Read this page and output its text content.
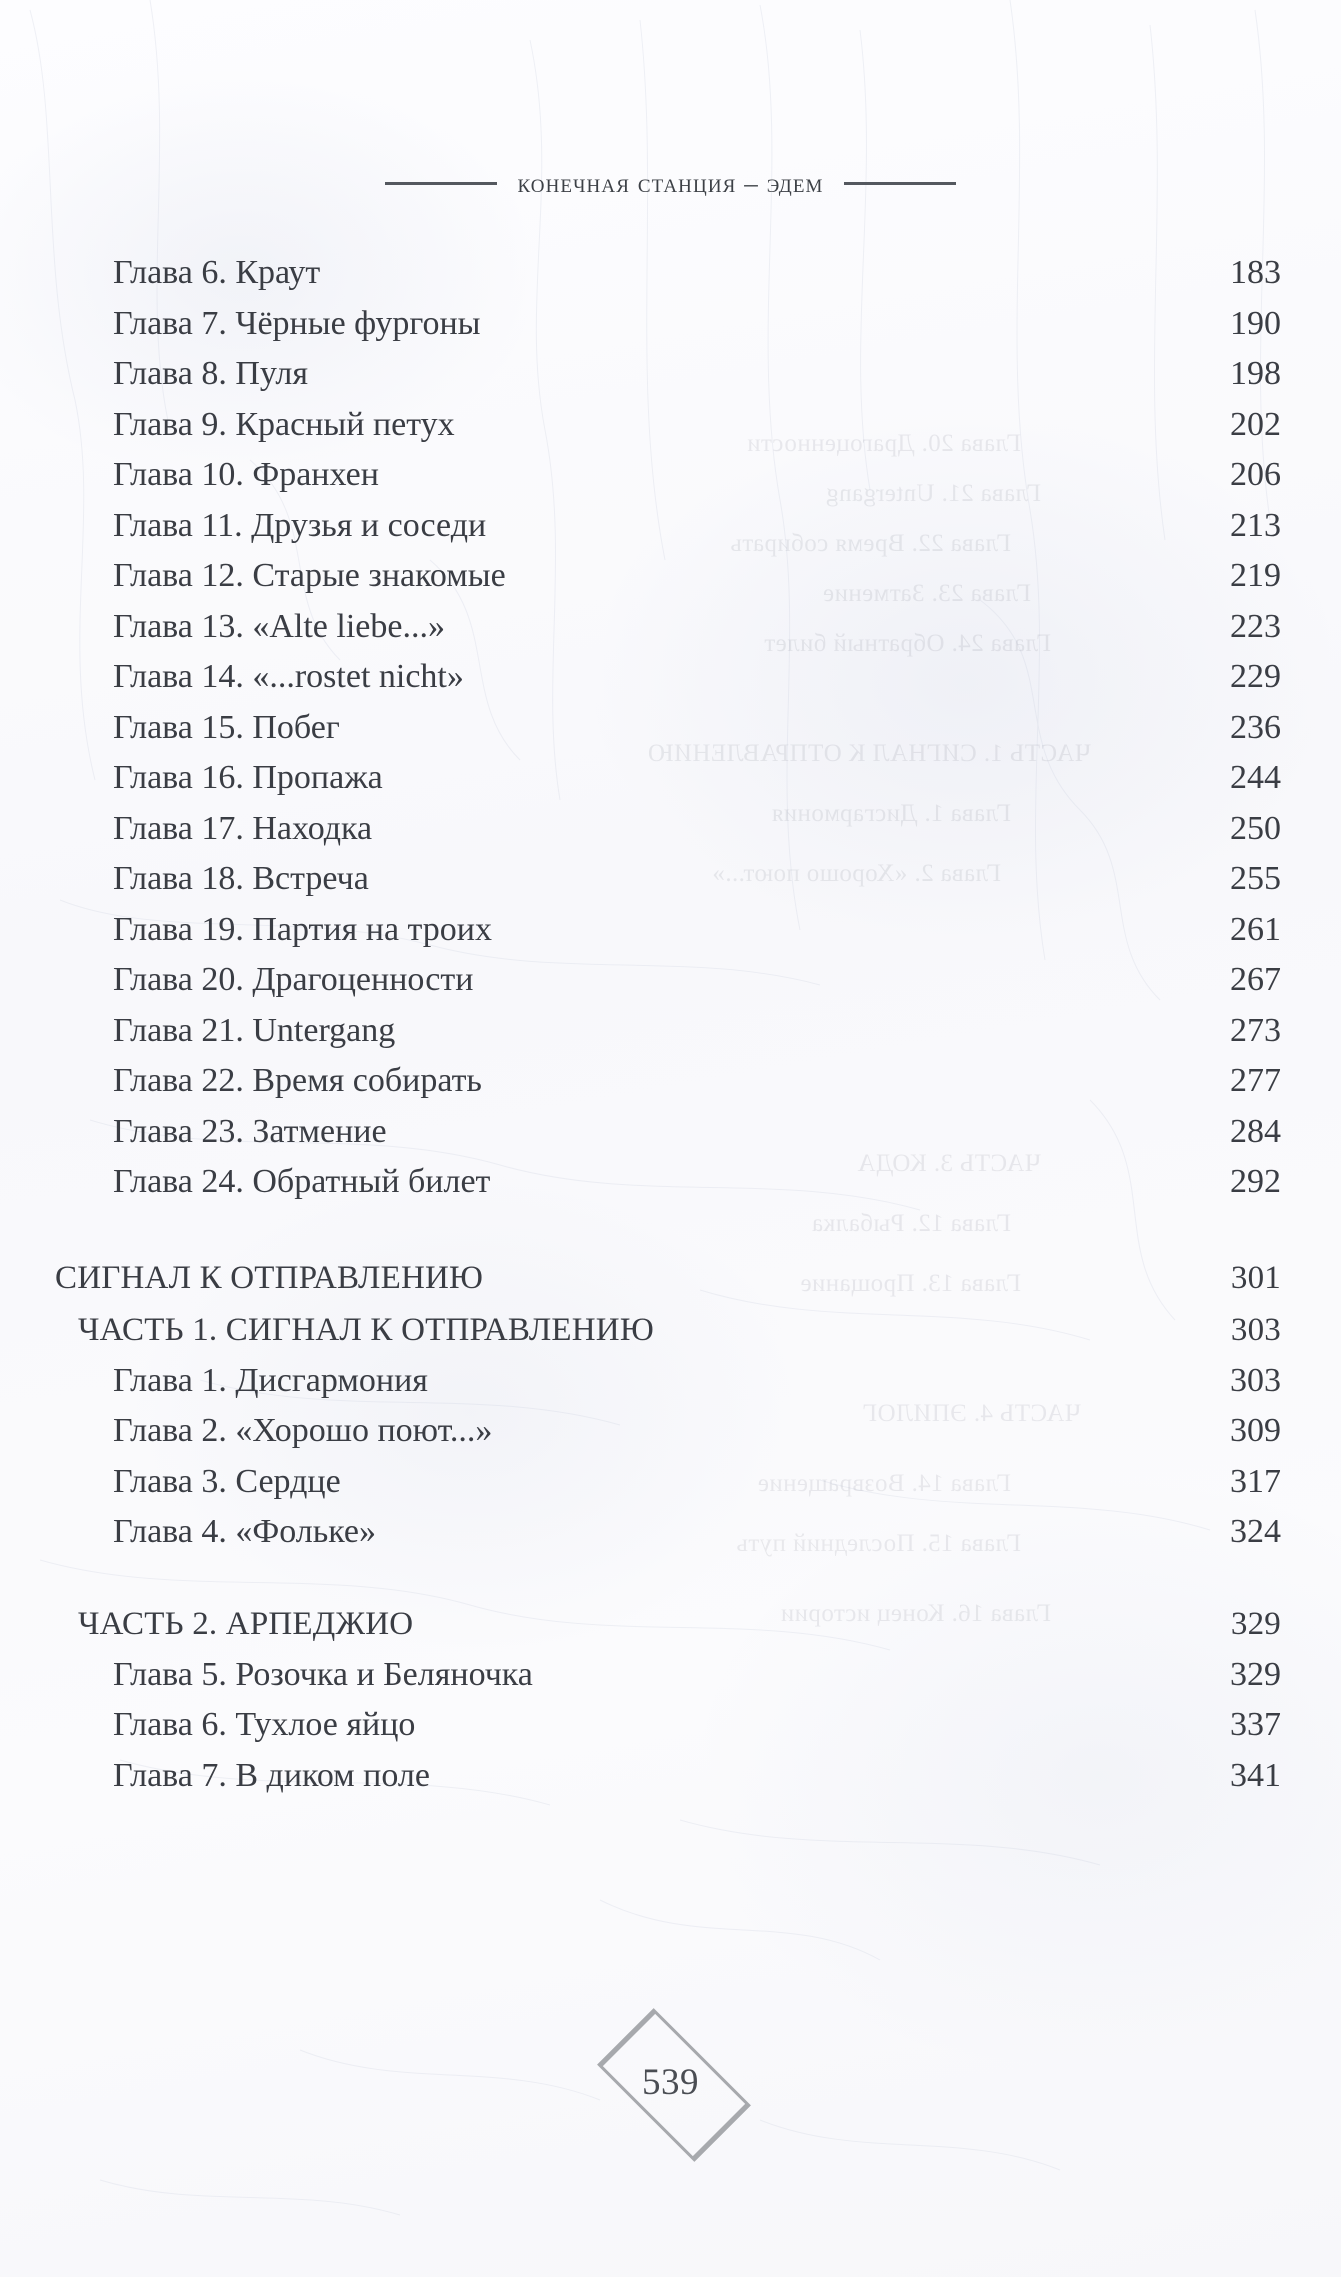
Глава 20. Драгоценности
Глава 21. Untergang
Глава 22. Время собирать
Глава 23. Затмение
Глава 24. Обратный билет
ЧАСТЬ 1. СИГНАЛ К ОТПРАВЛЕНИЮ
Глава 1. Дисгармония
Глава 2. «Хорошо поют...»
ЧАСТЬ 3. КОДА
Глава 12. Рыбалка
Глава 13. Прощание
ЧАСТЬ 4. ЭПИЛОГ
Глава 14. Возвращение
Глава 15. Последний путь
Глава 16. Конец истории
конечная станция – эдем
Глава 6. Краут	183
Глава 7. Чёрные фургоны	190
Глава 8. Пуля	198
Глава 9. Красный петух	202
Глава 10. Франхен	206
Глава 11. Друзья и соседи	213
Глава 12. Старые знакомые	219
Глава 13. «Alte liebe...»	223
Глава 14. «...rostet nicht»	229
Глава 15. Побег	236
Глава 16. Пропажа	244
Глава 17. Находка	250
Глава 18. Встреча	255
Глава 19. Партия на троих	261
Глава 20. Драгоценности	267
Глава 21. Untergang	273
Глава 22. Время собирать	277
Глава 23. Затмение	284
Глава 24. Обратный билет	292
СИГНАЛ К ОТПРАВЛЕНИЮ	301
ЧАСТЬ 1. СИГНАЛ К ОТПРАВЛЕНИЮ	303
Глава 1. Дисгармония	303
Глава 2. «Хорошо поют...»	309
Глава 3. Сердце	317
Глава 4. «Фольке»	324
ЧАСТЬ 2. АРПЕДЖИО	329
Глава 5. Розочка и Беляночка	329
Глава 6. Тухлое яйцо	337
Глава 7. В диком поле	341
539
